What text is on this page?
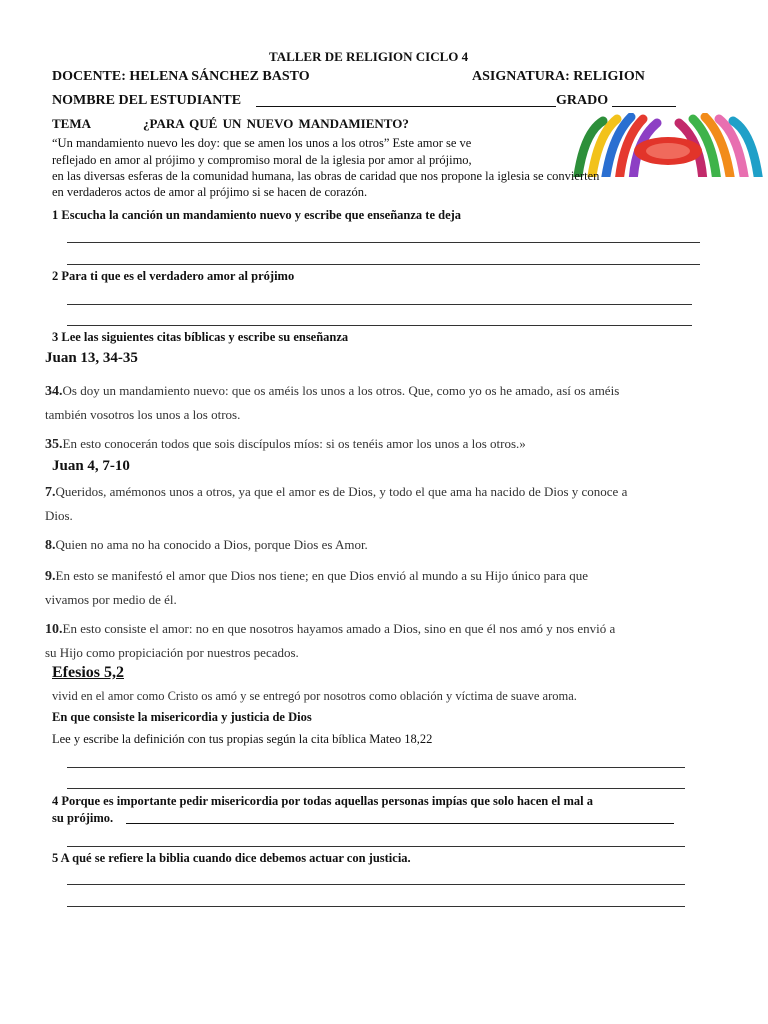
TALLER DE RELIGION CICLO 4
DOCENTE: HELENA SÁNCHEZ BASTO	ASIGNATURA: RELIGION
NOMBRE DEL ESTUDIANTE	GRADO
TEMA	¿PARA QUÉ UN NUEVO MANDAMIENTO?
“Un mandamiento nuevo les doy: que se amen los unos a los otros” Este amor se ve
reflejado en amor al prójimo y compromiso moral de la iglesia por amor al prójimo,
en las diversas esferas de la comunidad humana, las obras de caridad que nos propone la iglesia se convierten
en verdaderos actos de amor al prójimo si se hacen de corazón.
1 Escucha la canción un mandamiento nuevo y escribe que enseñanza te deja
2 Para ti que es el verdadero amor al prójimo
3 Lee las siguientes citas bíblicas y escribe su enseñanza
Juan 13, 34-35
34.Os doy un mandamiento nuevo: que os améis los unos a los otros. Que, como yo os he amado, así os améis
también vosotros los unos a los otros.
35.En esto conocerán todos que sois discípulos míos: si os tenéis amor los unos a los otros.»
Juan 4, 7-10
7.Queridos, amémonos unos a otros, ya que el amor es de Dios, y todo el que ama ha nacido de Dios y conoce a
Dios.
8.Quien no ama no ha conocido a Dios, porque Dios es Amor.
9.En esto se manifestó el amor que Dios nos tiene; en que Dios envió al mundo a su Hijo único para que
vivamos por medio de él.
10.En esto consiste el amor: no en que nosotros hayamos amado a Dios, sino en que él nos amó y nos envió a
su Hijo como propiciación por nuestros pecados.
Efesios 5,2
vivid en el amor como Cristo os amó y se entregó por nosotros como oblación y víctima de suave aroma.
En que consiste la misericordia y justicia de Dios
Lee y escribe la definición con tus propias según la cita bíblica Mateo 18,22
4 Porque es importante pedir misericordia por todas aquellas personas impías que solo hacen el mal a
su prójimo.
5 A qué se refiere la biblia cuando dice debemos actuar con justicia.
